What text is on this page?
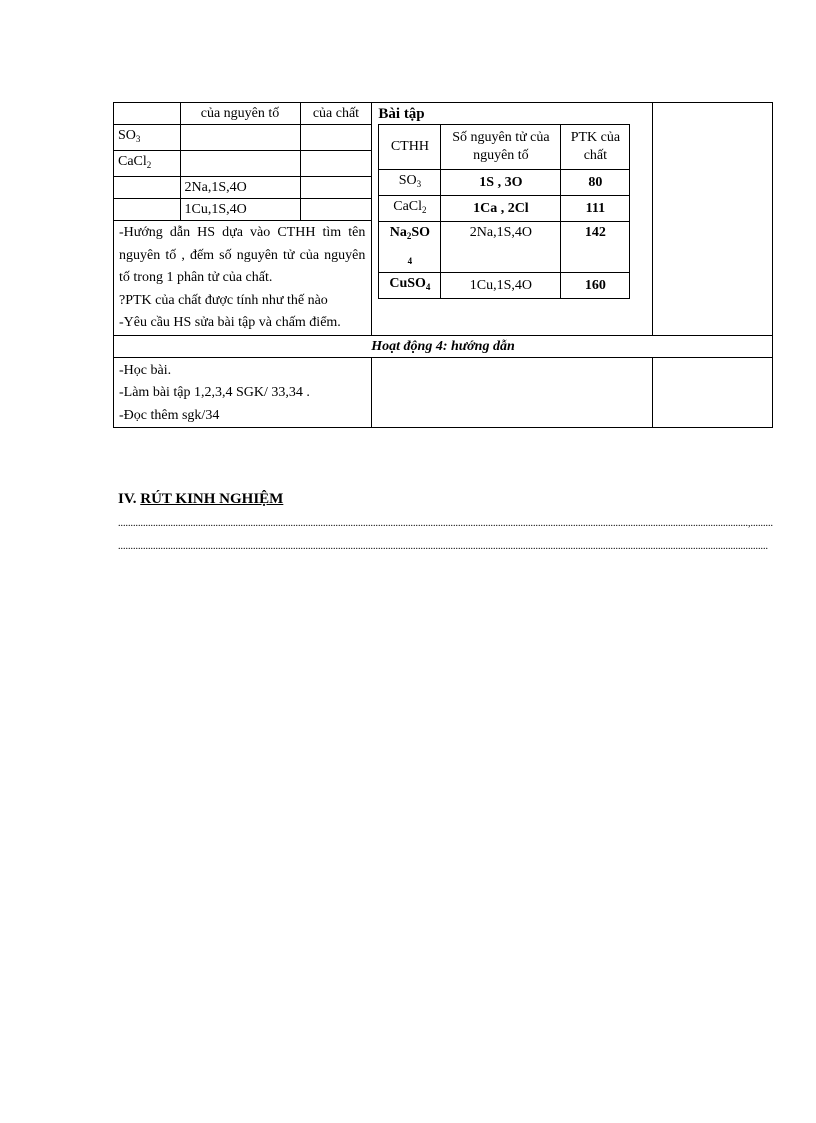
	của nguyên tố	của chất
$SO_3$		
CaCl$_2$		
	2Na,1S,4O	
	1Cu,1S,4O	
-Hướng dẫn HS dựa vào CTHH tìm tên nguyên tố , đếm số nguyên tử của nguyên tố trong 1 phân tử của chất.
?PTK của chất được tính như thế nào
-Yêu cầu HS sửa bài tập và chấm điểm.

Bài tập
CTHH	Số nguyên tử của nguyên tố	PTK của chất
$SO_3$	1S , 3O	80
CaCl$_2$	1Ca , 2Cl	111
$Na_2SO$
$_4$	2Na,1S,4O	142
CuSO$_4$	1Cu,1S,4O	160

Hoạt động 4: hướng dẫn

-Học bài.
-Làm bài tập 1,2,3,4 SGK/ 33,34 .
-Đọc thêm sgk/34

IV. RÚT KINH NGHIỆM
............................................................................................................................................................................................................................................................,.........
....................................................................................................................................................................................................................................................................
